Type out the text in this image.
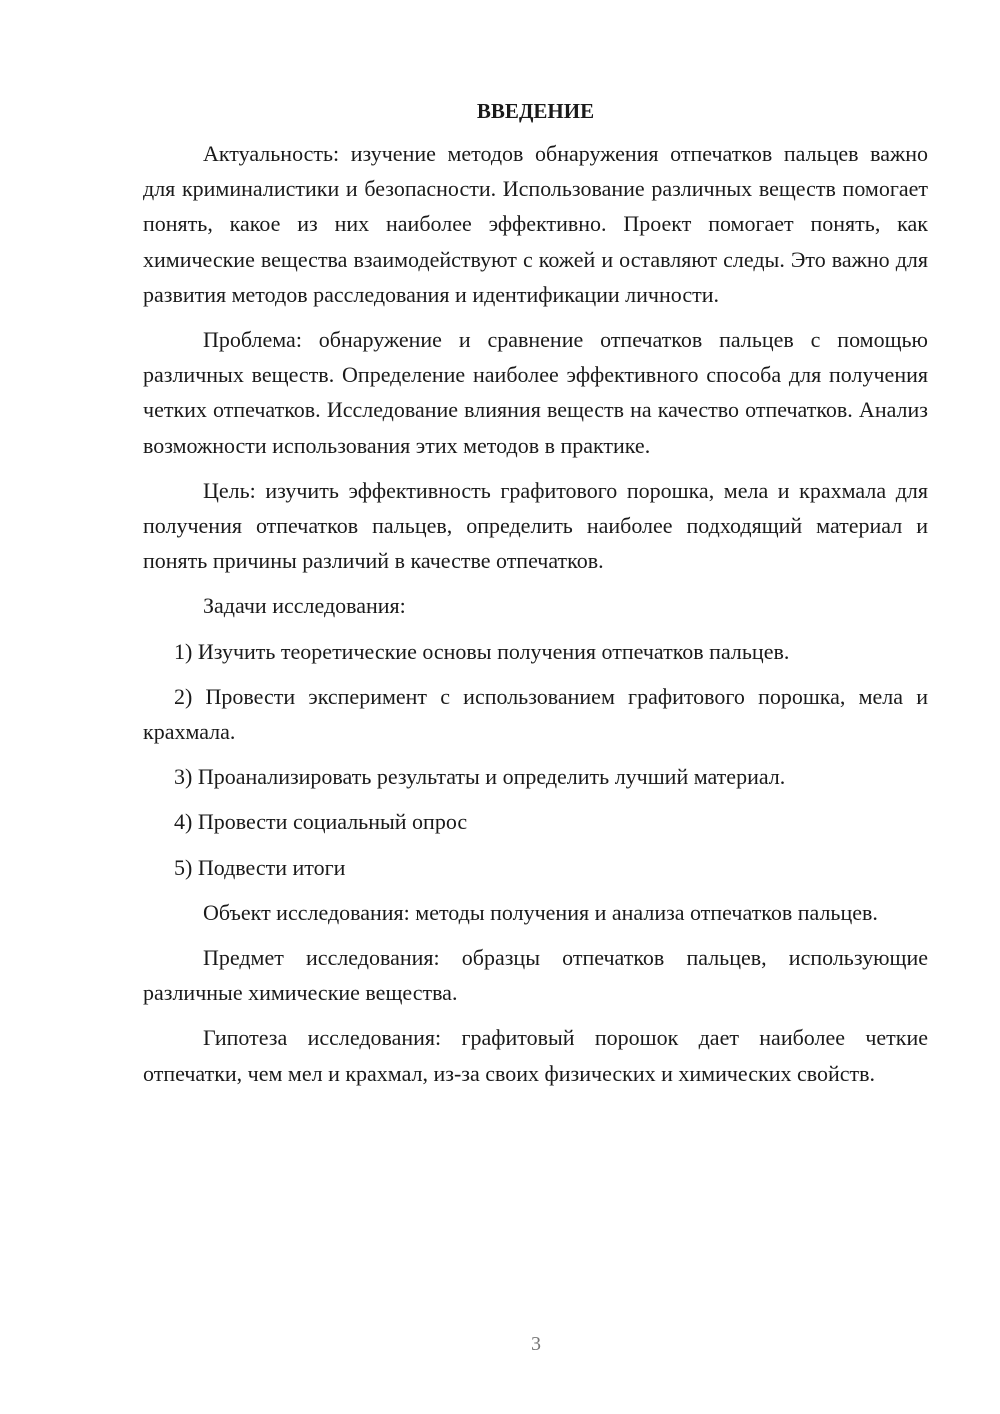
ВВЕДЕНИЕ

Актуальность: изучение методов обнаружения отпечатков пальцев важно для криминалистики и безопасности. Использование различных веществ помогает понять, какое из них наиболее эффективно. Проект помогает понять, как химические вещества взаимодействуют с кожей и оставляют следы. Это важно для развития методов расследования и идентификации личности.

Проблема: обнаружение и сравнение отпечатков пальцев с помощью различных веществ. Определение наиболее эффективного способа для получения четких отпечатков. Исследование влияния веществ на качество отпечатков. Анализ возможности использования этих методов в практике.

Цель: изучить эффективность графитового порошка, мела и крахмала для получения отпечатков пальцев, определить наиболее подходящий материал и понять причины различий в качестве отпечатков.

Задачи исследования:

1) Изучить теоретические основы получения отпечатков пальцев.

2) Провести эксперимент с использованием графитового порошка, мела и крахмала.

3) Проанализировать результаты и определить лучший материал.

4) Провести социальный опрос

5) Подвести итоги

Объект исследования: методы получения и анализа отпечатков пальцев.

Предмет исследования: образцы отпечатков пальцев, использующие различные химические вещества.

Гипотеза исследования: графитовый порошок дает наиболее четкие отпечатки, чем мел и крахмал, из-за своих физических и химических свойств.

3
